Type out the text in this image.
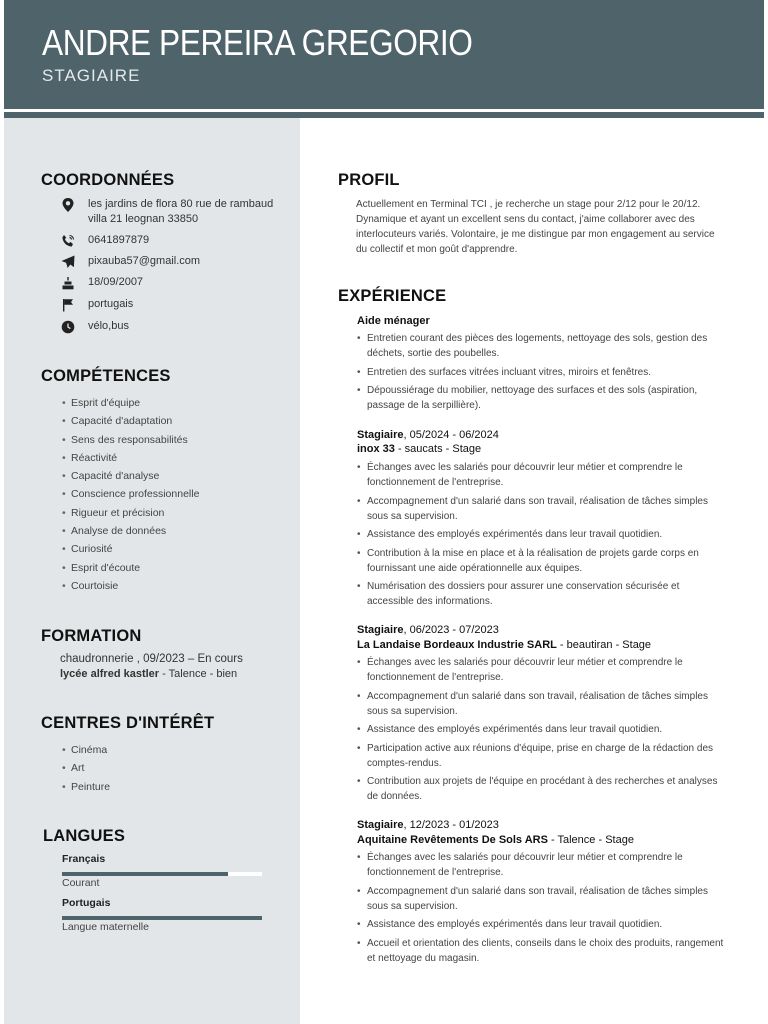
ANDRE PEREIRA GREGORIO
STAGIAIRE
COORDONNÉES
les jardins de flora 80 rue de rambaud villa 21 leognan 33850
0641897879
pixauba57@gmail.com
18/09/2007
portugais
vélo,bus
COMPÉTENCES
• Esprit d'équipe
• Capacité d'adaptation
• Sens des responsabilités
• Réactivité
• Capacité d'analyse
• Conscience professionnelle
• Rigueur et précision
• Analyse de données
• Curiosité
• Esprit d'écoute
• Courtoisie
FORMATION
chaudronnerie , 09/2023 – En cours
lycée alfred kastler - Talence - bien
CENTRES D'INTÉRÊT
• Cinéma
• Art
• Peinture
LANGUES
Français
Courant
Portugais
Langue maternelle
PROFIL
Actuellement en Terminal TCI , je recherche un stage pour 2/12 pour le 20/12. Dynamique et ayant un excellent sens du contact, j'aime collaborer avec des interlocuteurs variés. Volontaire, je me distingue par mon engagement au service du collectif et mon goût d'apprendre.
EXPÉRIENCE
Aide ménager
• Entretien courant des pièces des logements, nettoyage des sols, gestion des déchets, sortie des poubelles.
• Entretien des surfaces vitrées incluant vitres, miroirs et fenêtres.
• Dépoussiérage du mobilier, nettoyage des surfaces et des sols (aspiration, passage de la serpillière).
Stagiaire, 05/2024 - 06/2024
inox 33 - saucats - Stage
• Échanges avec les salariés pour découvrir leur métier et comprendre le fonctionnement de l'entreprise.
• Accompagnement d'un salarié dans son travail, réalisation de tâches simples sous sa supervision.
• Assistance des employés expérimentés dans leur travail quotidien.
• Contribution à la mise en place et à la réalisation de projets garde corps en fournissant une aide opérationnelle aux équipes.
• Numérisation des dossiers pour assurer une conservation sécurisée et accessible des informations.
Stagiaire, 06/2023 - 07/2023
La Landaise Bordeaux Industrie SARL - beautiran - Stage
• Échanges avec les salariés pour découvrir leur métier et comprendre le fonctionnement de l'entreprise.
• Accompagnement d'un salarié dans son travail, réalisation de tâches simples sous sa supervision.
• Assistance des employés expérimentés dans leur travail quotidien.
• Participation active aux réunions d'équipe, prise en charge de la rédaction des comptes-rendus.
• Contribution aux projets de l'équipe en procédant à des recherches et analyses de données.
Stagiaire, 12/2023 - 01/2023
Aquitaine Revêtements De Sols ARS - Talence - Stage
• Échanges avec les salariés pour découvrir leur métier et comprendre le fonctionnement de l'entreprise.
• Accompagnement d'un salarié dans son travail, réalisation de tâches simples sous sa supervision.
• Assistance des employés expérimentés dans leur travail quotidien.
• Accueil et orientation des clients, conseils dans le choix des produits, rangement et nettoyage du magasin.
